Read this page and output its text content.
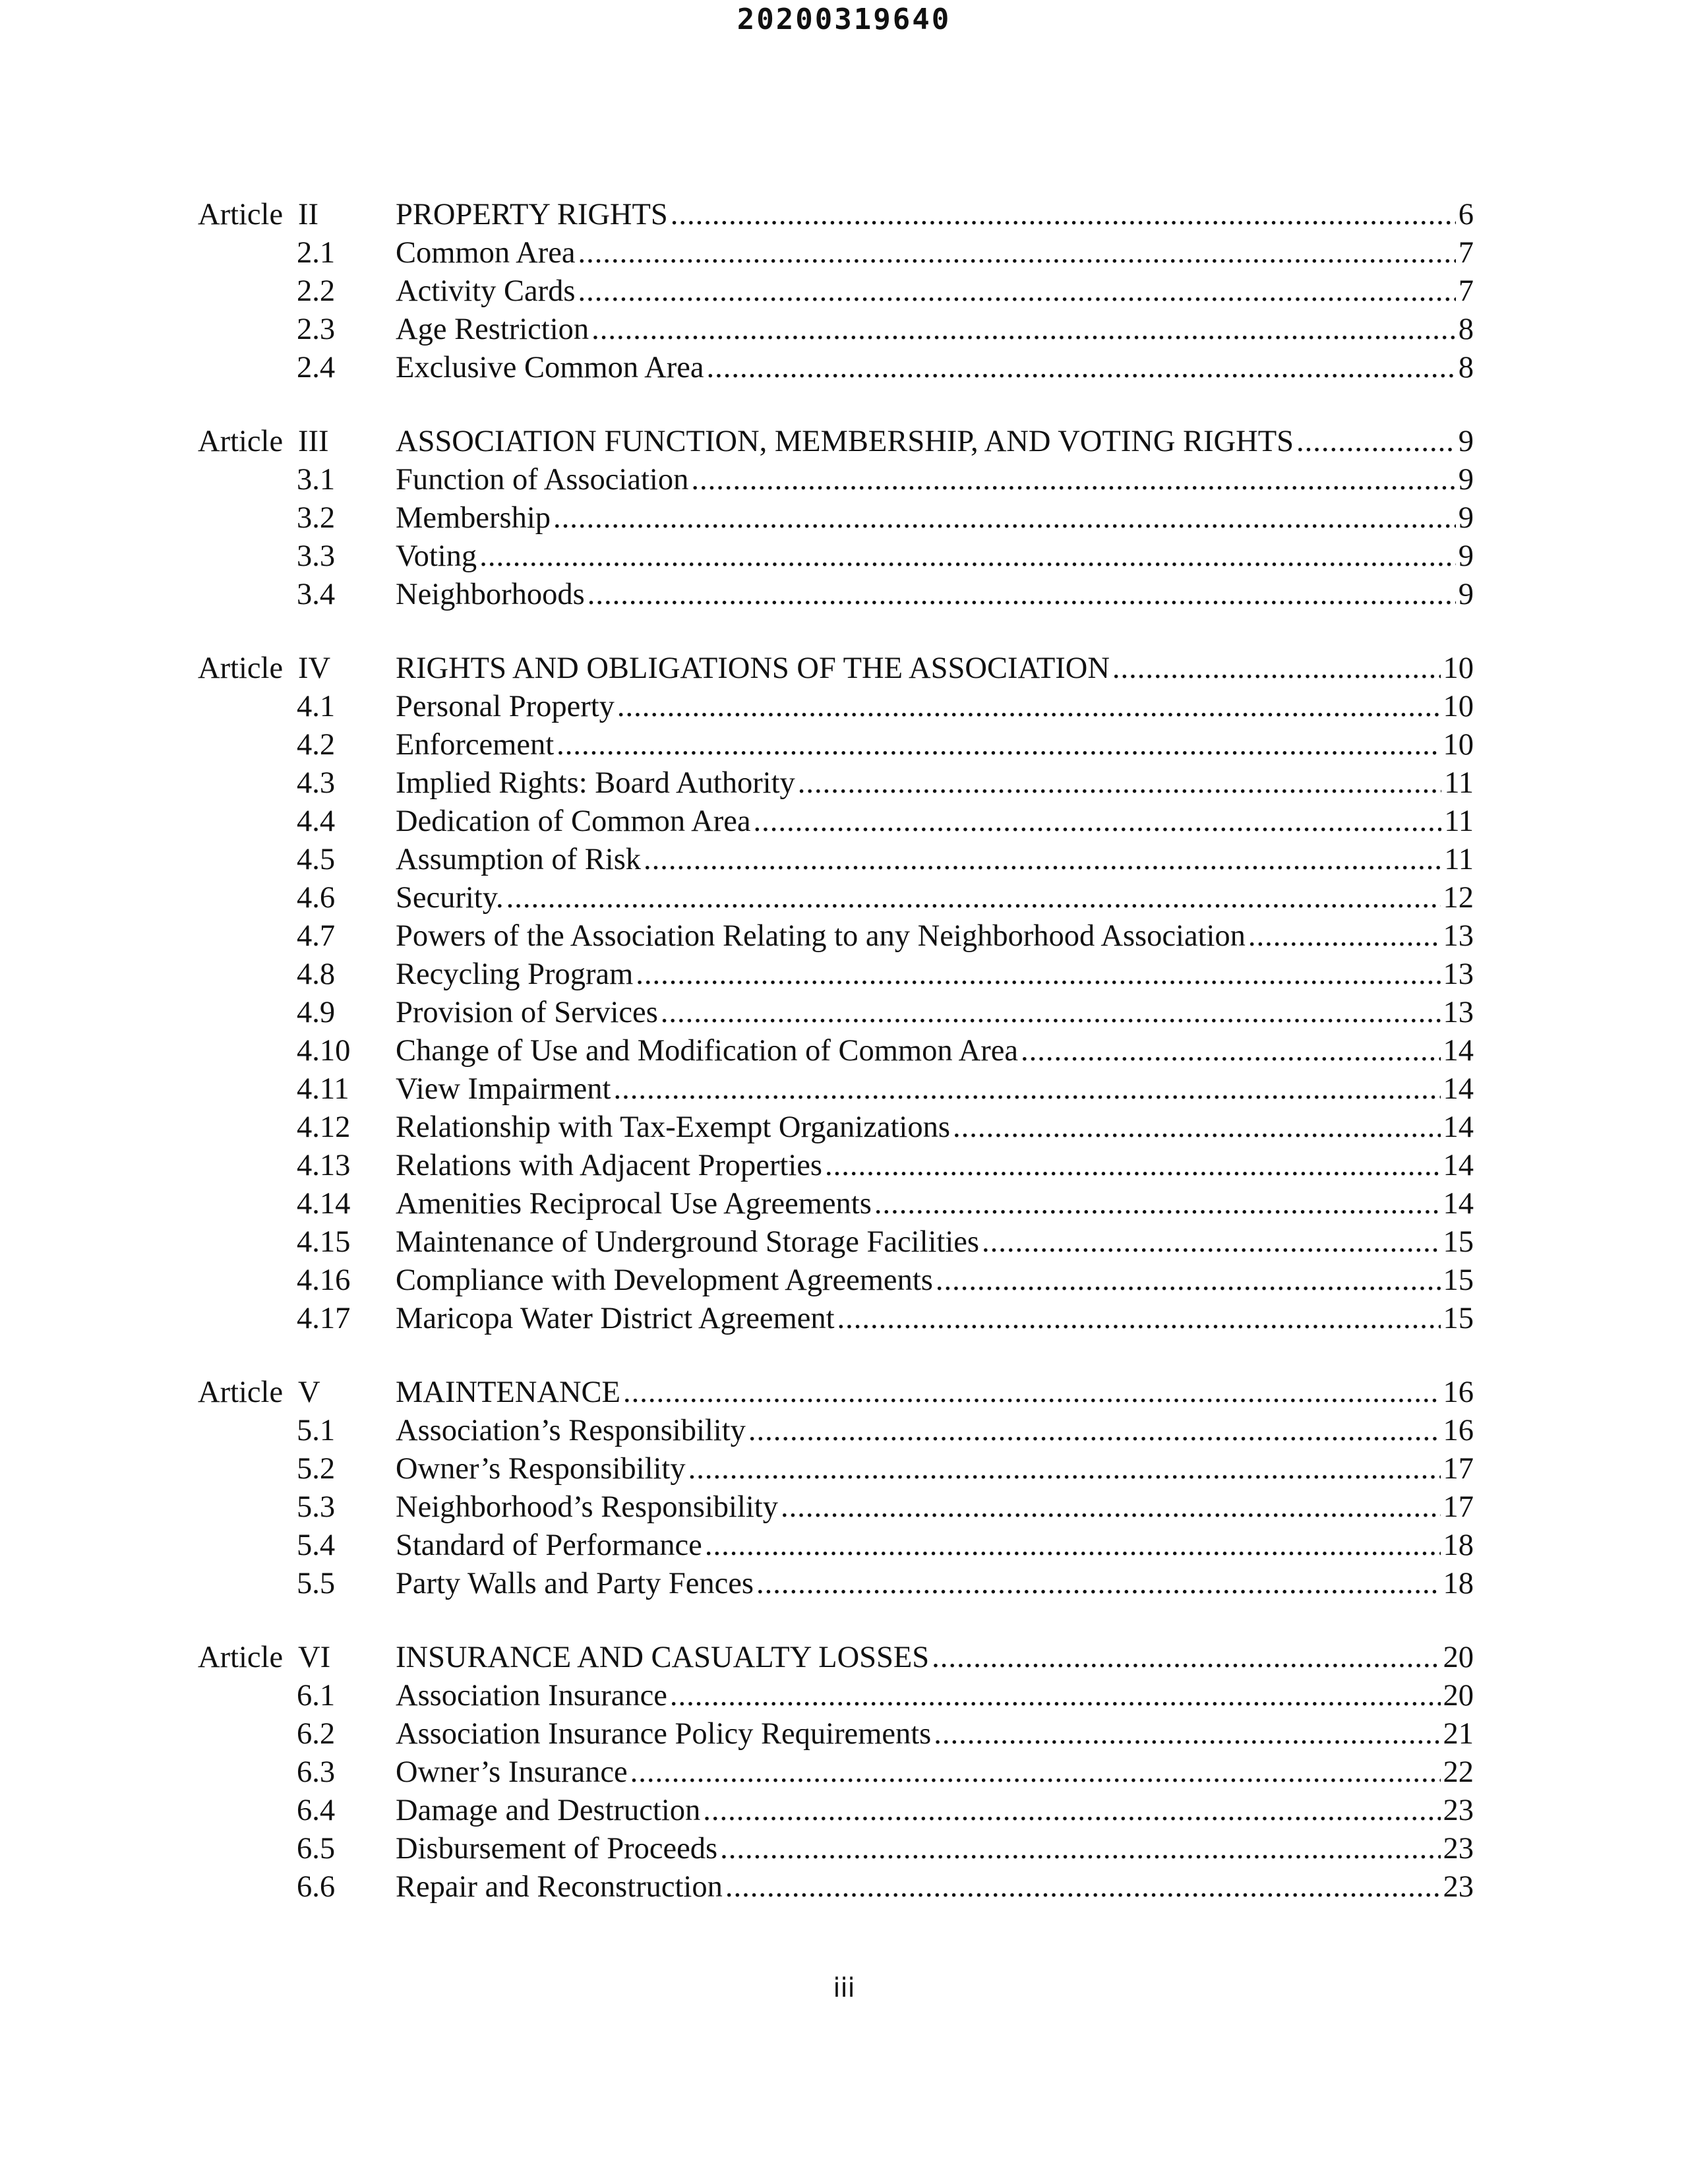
20200319640
Article II	PROPERTY RIGHTS .....	6
2.1 Common Area .....	7
2.2 Activity Cards .....	7
2.3 Age Restriction .....	8
2.4 Exclusive Common Area .....	8
Article III ASSOCIATION FUNCTION, MEMBERSHIP, AND VOTING RIGHTS .....	9
3.1 Function of Association .....	9
3.2 Membership .....	9
3.3 Voting .....	9
3.4 Neighborhoods .....	9
Article IV RIGHTS AND OBLIGATIONS OF THE ASSOCIATION .....	10
4.1 Personal Property .....	10
4.2 Enforcement .....	10
4.3 Implied Rights: Board Authority .....	11
4.4 Dedication of Common Area .....	11
4.5 Assumption of Risk .....	11
4.6 Security. .....	12
4.7 Powers of the Association Relating to any Neighborhood Association .....	13
4.8 Recycling Program .....	13
4.9 Provision of Services .....	13
4.10 Change of Use and Modification of Common Area .....	14
4.11 View Impairment .....	14
4.12 Relationship with Tax-Exempt Organizations .....	14
4.13 Relations with Adjacent Properties .....	14
4.14 Amenities Reciprocal Use Agreements .....	14
4.15 Maintenance of Underground Storage Facilities .....	15
4.16 Compliance with Development Agreements .....	15
4.17 Maricopa Water District Agreement .....	15
Article V MAINTENANCE .....	16
5.1 Association’s Responsibility .....	16
5.2 Owner’s Responsibility .....	17
5.3 Neighborhood’s Responsibility .....	17
5.4 Standard of Performance .....	18
5.5 Party Walls and Party Fences .....	18
Article VI INSURANCE AND CASUALTY LOSSES .....	20
6.1 Association Insurance .....	20
6.2 Association Insurance Policy Requirements .....	21
6.3 Owner’s Insurance .....	22
6.4 Damage and Destruction .....	23
6.5 Disbursement of Proceeds .....	23
6.6 Repair and Reconstruction .....	23
iii
